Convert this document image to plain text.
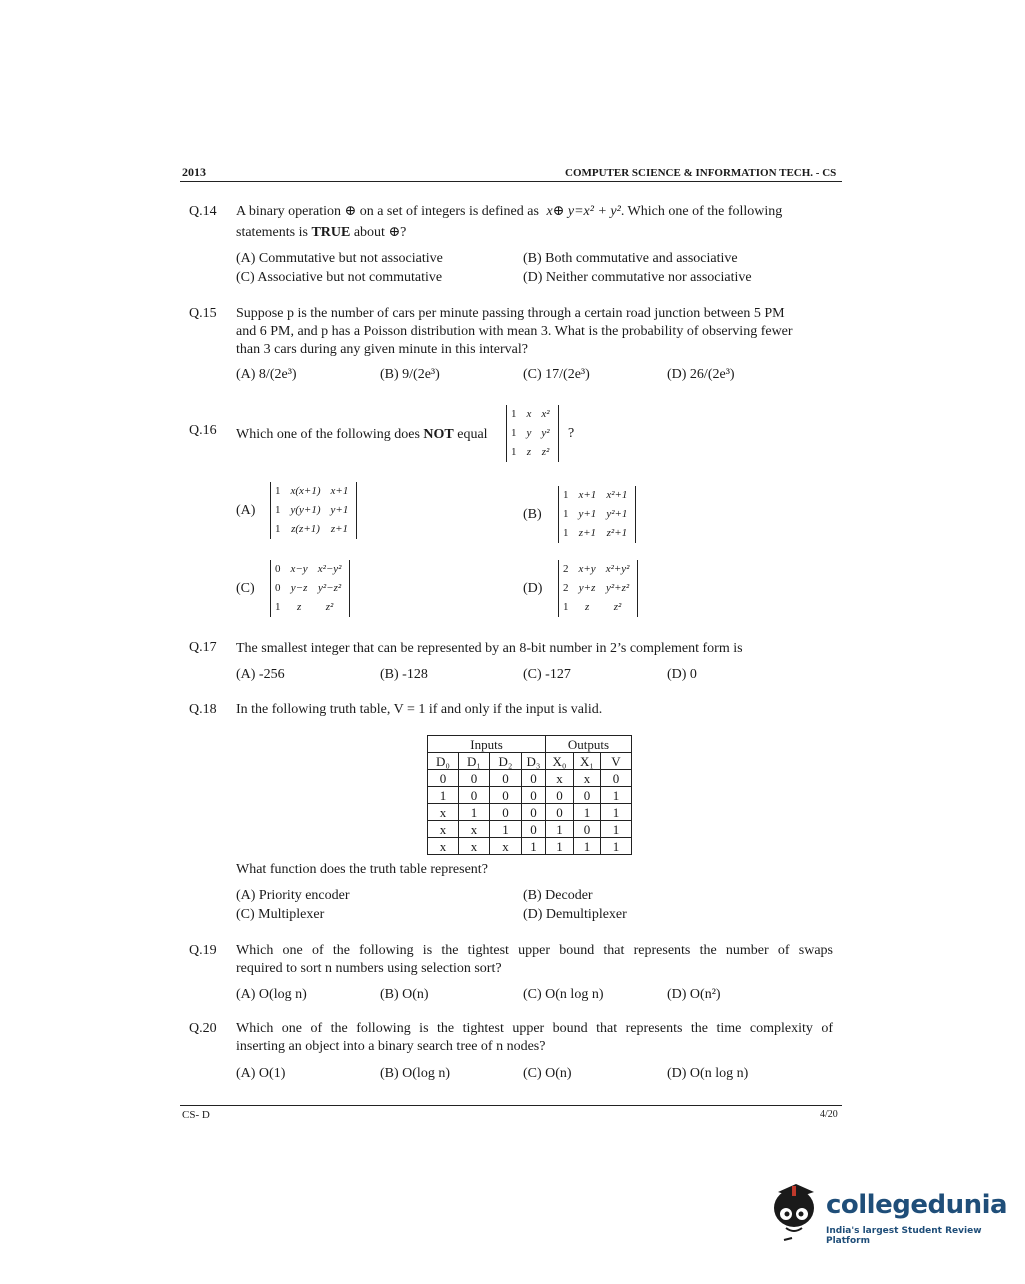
2013	COMPUTER SCIENCE & INFORMATION TECH. - CS
Q.14 A binary operation ⊕ on a set of integers is defined as x⊕ y=x² + y². Which one of the following
statements is TRUE about ⊕?
(A) Commutative but not associative	(B) Both commutative and associative
(C) Associative but not commutative	(D) Neither commutative nor associative
Q.15 Suppose p is the number of cars per minute passing through a certain road junction between 5 PM
and 6 PM, and p has a Poisson distribution with mean 3. What is the probability of observing fewer
than 3 cars during any given minute in this interval?
(A) 8/(2e³)	(B) 9/(2e³)	(C) 17/(2e³)	(D) 26/(2e³)
Q.16 Which one of the following does NOT equal
1	x	x²
1	y	y²
1	z	z²
?
(A)
1	x(x+1)	x+1
1	y(y+1)	y+1
1	z(z+1)	z+1
(B)
1	x+1	x²+1
1	y+1	y²+1
1	z+1	z²+1
(C)
0	x−y	x²−y²
0	y−z	y²−z²
1	z	z²
(D)
2	x+y	x²+y²
2	y+z	y²+z²
1	z	z²
Q.17 The smallest integer that can be represented by an 8-bit number in 2’s complement form is
(A) -256	(B) -128	(C) -127	(D) 0
Q.18 In the following truth table, V = 1 if and only if the input is valid.
Inputs				Outputs		
D₀	D₁	D₂	D₃	X₀	X₁	V
0	0	0	0	x	x	0
1	0	0	0	0	0	1
x	1	0	0	0	1	1
x	x	1	0	1	0	1
x	x	x	1	1	1	1
What function does the truth table represent?
(A) Priority encoder	(B) Decoder
(C) Multiplexer	(D) Demultiplexer
Q.19 Which one of the following is the tightest upper bound that represents the number of swaps
required to sort n numbers using selection sort?
(A) O(log n)	(B) O(n)	(C) O(n log n)	(D) O(n²)
Q.20 Which one of the following is the tightest upper bound that represents the time complexity of
inserting an object into a binary search tree of n nodes?
(A) O(1)	(B) O(log n)	(C) O(n)	(D) O(n log n)
CS- D	4/20
collegedunia
India's largest Student Review Platform
